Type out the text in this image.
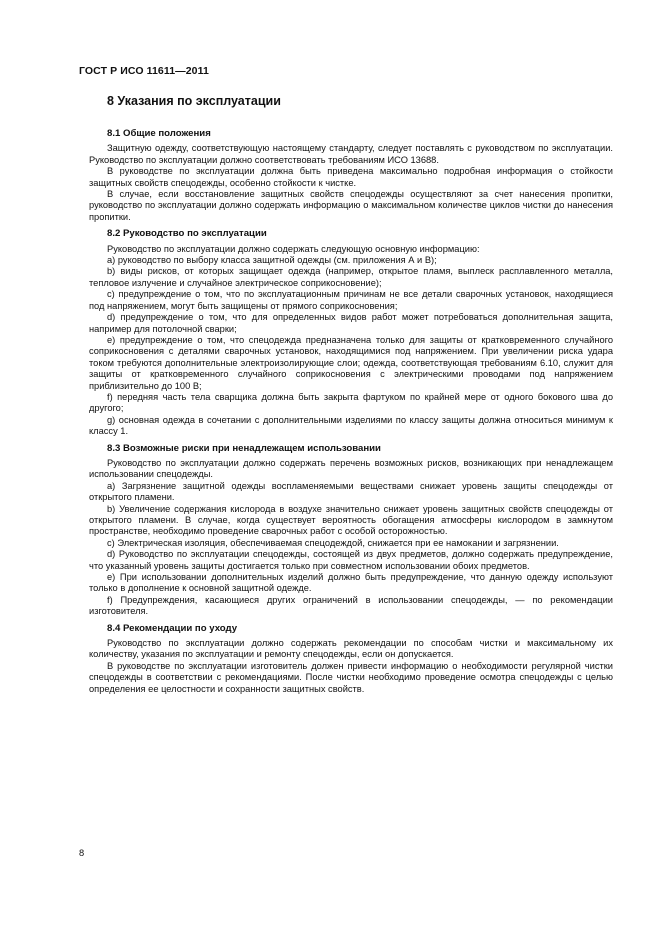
ГОСТ Р ИСО 11611—2011
8 Указания по эксплуатации
8.1 Общие положения

Защитную одежду, соответствующую настоящему стандарту, следует поставлять с руководством по эксплуатации. Руководство по эксплуатации должно соответствовать требованиям ИСО 13688.

В руководстве по эксплуатации должна быть приведена максимально подробная информация о стойкости защитных свойств спецодежды, особенно стойкости к чистке.

В случае, если восстановление защитных свойств спецодежды осуществляют за счет нанесения пропитки, руководство по эксплуатации должно содержать информацию о максимальном количестве циклов чистки до нанесения пропитки.

8.2 Руководство по эксплуатации

Руководство по эксплуатации должно содержать следующую основную информацию:

a) руководство по выбору класса защитной одежды (см. приложения А и В);

b) виды рисков, от которых защищает одежда (например, открытое пламя, выплеск расплавленного металла, тепловое излучение и случайное электрическое соприкосновение);

c) предупреждение о том, что по эксплуатационным причинам не все детали сварочных установок, находящиеся под напряжением, могут быть защищены от прямого соприкосновения;

d) предупреждение о том, что для определенных видов работ может потребоваться дополнительная защита, например для потолочной сварки;

e) предупреждение о том, что спецодежда предназначена только для защиты от кратковременного случайного соприкосновения с деталями сварочных установок, находящимися под напряжением. При увеличении риска удара током требуются дополнительные электроизолирующие слои; одежда, соответствующая требованиям 6.10, служит для защиты от кратковременного случайного соприкосновения с электрическими проводами под напряжением приблизительно до 100 В;

f) передняя часть тела сварщика должна быть закрыта фартуком по крайней мере от одного бокового шва до другого;

g) основная одежда в сочетании с дополнительными изделиями по классу защиты должна относиться минимум к классу 1.

8.3 Возможные риски при ненадлежащем использовании

Руководство по эксплуатации должно содержать перечень возможных рисков, возникающих при ненадлежащем использовании спецодежды.

a) Загрязнение защитной одежды воспламеняемыми веществами снижает уровень защиты спецодежды от открытого пламени.

b) Увеличение содержания кислорода в воздухе значительно снижает уровень защитных свойств спецодежды от открытого пламени. В случае, когда существует вероятность обогащения атмосферы кислородом в замкнутом пространстве, необходимо проведение сварочных работ с особой осторожностью.

c) Электрическая изоляция, обеспечиваемая спецодеждой, снижается при ее намокании и загрязнении.

d) Руководство по эксплуатации спецодежды, состоящей из двух предметов, должно содержать предупреждение, что указанный уровень защиты достигается только при совместном использовании обоих предметов.

e) При использовании дополнительных изделий должно быть предупреждение, что данную одежду используют только в дополнение к основной защитной одежде.

f) Предупреждения, касающиеся других ограничений в использовании спецодежды, — по рекомендации изготовителя.

8.4 Рекомендации по уходу

Руководство по эксплуатации должно содержать рекомендации по способам чистки и максимальному их количеству, указания по эксплуатации и ремонту спецодежды, если он допускается.

В руководстве по эксплуатации изготовитель должен привести информацию о необходимости регулярной чистки спецодежды в соответствии с рекомендациями. После чистки необходимо проведение осмотра спецодежды с целью определения ее целостности и сохранности защитных свойств.

8
